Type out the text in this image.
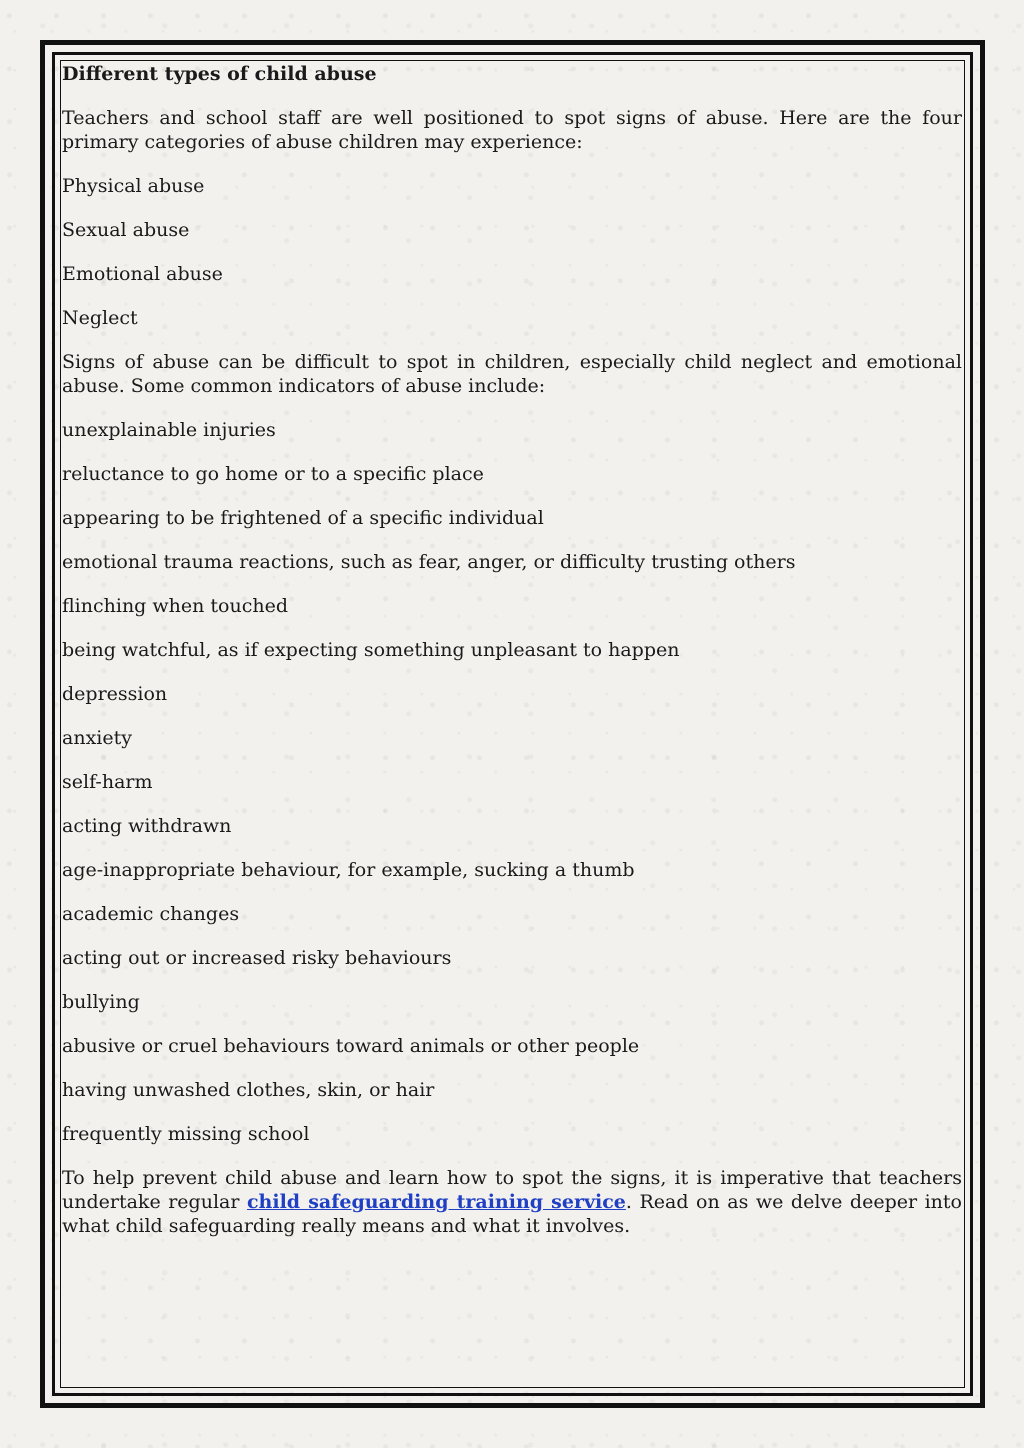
Different types of child abuse

Teachers and school staff are well positioned to spot signs of abuse. Here are the four primary categories of abuse children may experience:

Physical abuse

Sexual abuse

Emotional abuse

Neglect

Signs of abuse can be difficult to spot in children, especially child neglect and emotional abuse. Some common indicators of abuse include:

unexplainable injuries

reluctance to go home or to a specific place

appearing to be frightened of a specific individual

emotional trauma reactions, such as fear, anger, or difficulty trusting others

flinching when touched

being watchful, as if expecting something unpleasant to happen

depression

anxiety

self-harm

acting withdrawn

age-inappropriate behaviour, for example, sucking a thumb

academic changes

acting out or increased risky behaviours

bullying

abusive or cruel behaviours toward animals or other people

having unwashed clothes, skin, or hair

frequently missing school

To help prevent child abuse and learn how to spot the signs, it is imperative that teachers undertake regular child safeguarding training service. Read on as we delve deeper into what child safeguarding really means and what it involves.
